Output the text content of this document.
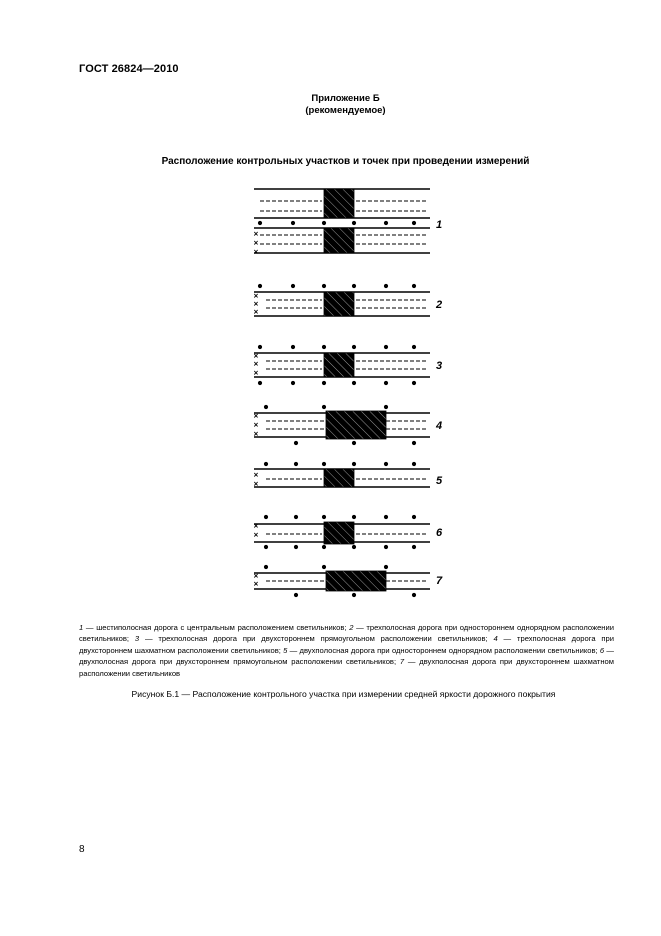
ГОСТ 26824—2010
Приложение Б
(рекомендуемое)
Расположение контрольных участков и точек при проведении измерений
×
×
×
1
×
×
×
2
×
×
×
3
×
×
×
4
×
×	5
×
×	6
×
×	7
1 — шестиполосная дорога с центральным расположением светильников; 2 — трехполосная дорога при одностороннем однорядном расположении светильников; 3 — трехполосная дорога при двухстороннем прямоугольном расположении светильников; 4 — трехполосная дорога при двухстороннем шахматном расположении светильников; 5 — двухполосная дорога при одностороннем однорядном расположении светильников; 6 — двухполосная дорога при двухстороннем прямоугольном расположении светильников; 7 — двухполосная дорога при двухстороннем шахматном расположении светильников
Рисунок Б.1 — Расположение контрольного участка при измерении средней яркости дорожного покрытия
8
